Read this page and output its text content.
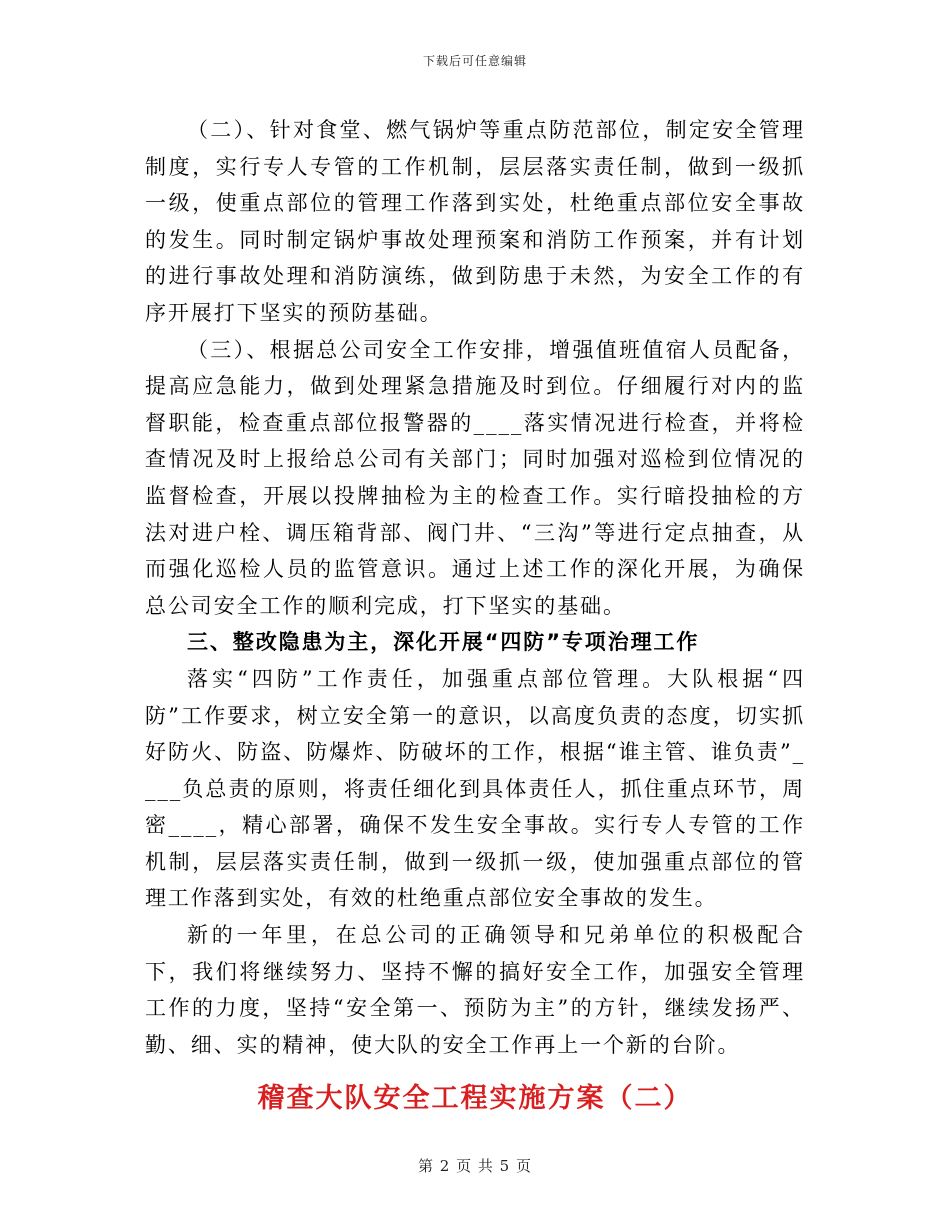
下载后可任意编辑

（二）、针对食堂、燃气锅炉等重点防范部位，制定安全管理制度，实行专人专管的工作机制，层层落实责任制，做到一级抓一级，使重点部位的管理工作落到实处，杜绝重点部位安全事故的发生。同时制定锅炉事故处理预案和消防工作预案，并有计划的进行事故处理和消防演练，做到防患于未然，为安全工作的有序开展打下坚实的预防基础。

（三）、根据总公司安全工作安排，增强值班值宿人员配备，提高应急能力，做到处理紧急措施及时到位。仔细履行对内的监督职能，检查重点部位报警器的____落实情况进行检查，并将检查情况及时上报给总公司有关部门；同时加强对巡检到位情况的监督检查，开展以投牌抽检为主的检查工作。实行暗投抽检的方法对进户栓、调压箱背部、阀门井、“三沟”等进行定点抽查，从而强化巡检人员的监管意识。通过上述工作的深化开展，为确保总公司安全工作的顺利完成，打下坚实的基础。

三、整改隐患为主，深化开展“四防”专项治理工作

落实“四防”工作责任，加强重点部位管理。大队根据“四防”工作要求，树立安全第一的意识，以高度负责的态度，切实抓好防火、防盗、防爆炸、防破坏的工作，根据“谁主管、谁负责”____负总责的原则，将责任细化到具体责任人，抓住重点环节，周密____，精心部署，确保不发生安全事故。实行专人专管的工作机制，层层落实责任制，做到一级抓一级，使加强重点部位的管理工作落到实处，有效的杜绝重点部位安全事故的发生。

新的一年里，在总公司的正确领导和兄弟单位的积极配合下，我们将继续努力、坚持不懈的搞好安全工作，加强安全管理工作的力度，坚持“安全第一、预防为主”的方针，继续发扬严、勤、细、实的精神，使大队的安全工作再上一个新的台阶。

稽查大队安全工程实施方案（二）
第 2 页 共 5 页
